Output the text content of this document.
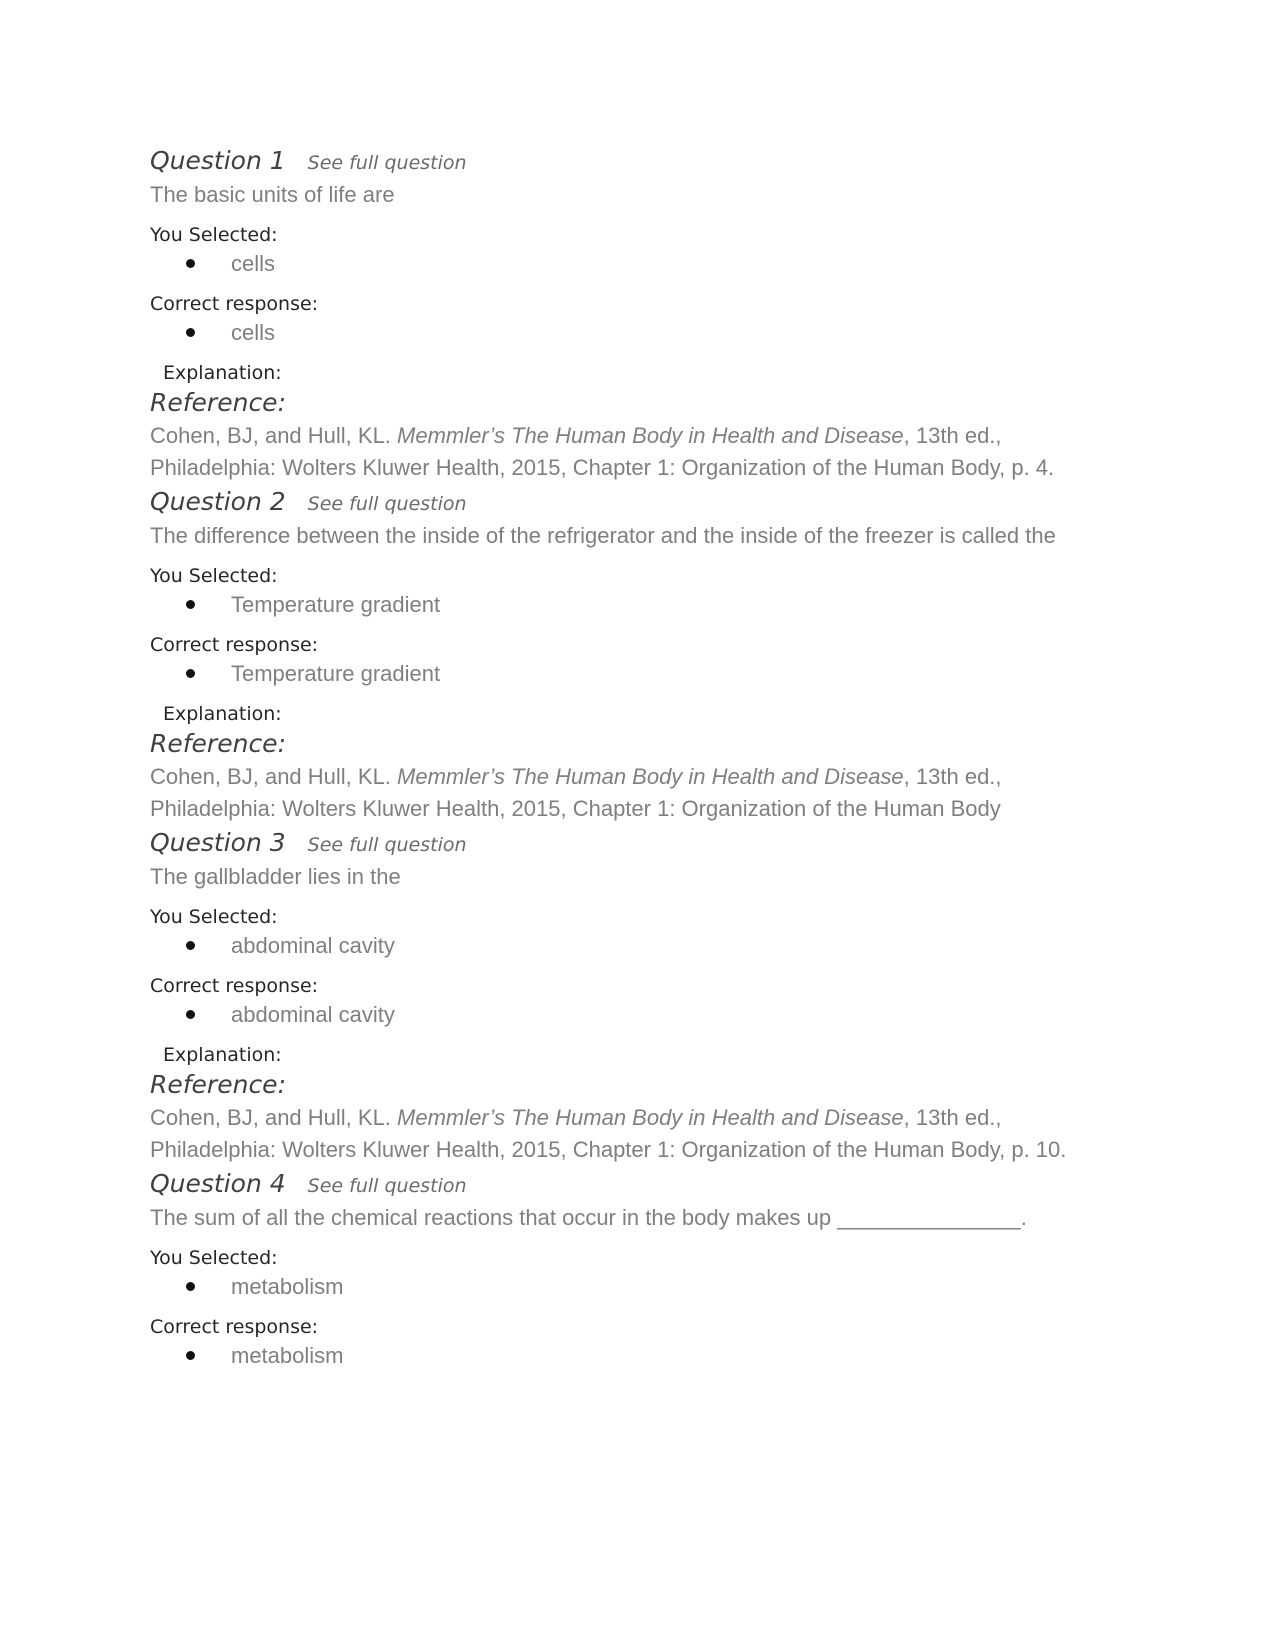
Question 1 See full question
The basic units of life are
You Selected:
cells
Correct response:
cells
Explanation:
Reference:
Cohen, BJ, and Hull, KL. Memmler’s The Human Body in Health and Disease, 13th ed.,
Philadelphia: Wolters Kluwer Health, 2015, Chapter 1: Organization of the Human Body, p. 4.
Question 2 See full question
The difference between the inside of the refrigerator and the inside of the freezer is called the
You Selected:
Temperature gradient
Correct response:
Temperature gradient
Explanation:
Reference:
Cohen, BJ, and Hull, KL. Memmler’s The Human Body in Health and Disease, 13th ed.,
Philadelphia: Wolters Kluwer Health, 2015, Chapter 1: Organization of the Human Body
Question 3 See full question
The gallbladder lies in the
You Selected:
abdominal cavity
Correct response:
abdominal cavity
Explanation:
Reference:
Cohen, BJ, and Hull, KL. Memmler’s The Human Body in Health and Disease, 13th ed.,
Philadelphia: Wolters Kluwer Health, 2015, Chapter 1: Organization of the Human Body, p. 10.
Question 4 See full question
The sum of all the chemical reactions that occur in the body makes up _______________.
You Selected:
metabolism
Correct response:
metabolism
